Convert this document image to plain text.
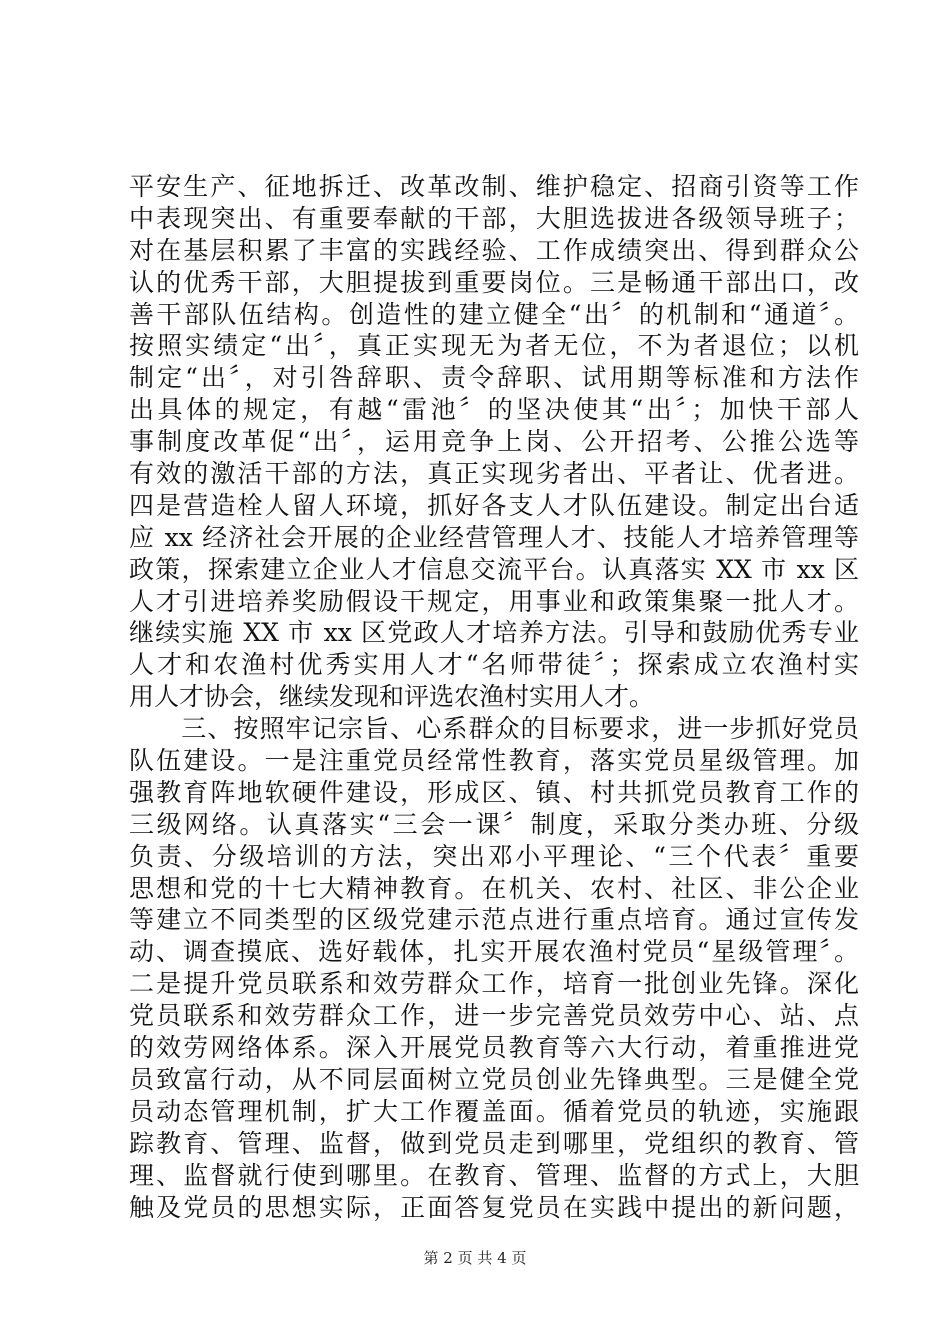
平安生产、征地拆迁、改革改制、维护稳定、招商引资等工作
中表现突出、有重要奉献的干部，大胆选拔进各级领导班子；
对在基层积累了丰富的实践经验、工作成绩突出、得到群众公
认的优秀干部，大胆提拔到重要岗位。三是畅通干部出口，改
善干部队伍结构。创造性的建立健全“出〞的机制和“通道〞。
按照实绩定“出〞，真正实现无为者无位，不为者退位；以机
制定“出〞，对引咎辞职、责令辞职、试用期等标准和方法作
出具体的规定，有越“雷池〞的坚决使其“出〞；加快干部人
事制度改革促“出〞，运用竞争上岗、公开招考、公推公选等
有效的激活干部的方法，真正实现劣者出、平者让、优者进。
四是营造栓人留人环境，抓好各支人才队伍建设。制定出台适
应 xx 经济社会开展的企业经营管理人才、技能人才培养管理等
政策，探索建立企业人才信息交流平台。认真落实 XX 市 xx 区
人才引进培养奖励假设干规定，用事业和政策集聚一批人才。
继续实施 XX 市 xx 区党政人才培养方法。引导和鼓励优秀专业
人才和农渔村优秀实用人才“名师带徒〞；探索成立农渔村实
用人才协会，继续发现和评选农渔村实用人才。
　　三、按照牢记宗旨、心系群众的目标要求，进一步抓好党员
队伍建设。一是注重党员经常性教育，落实党员星级管理。加
强教育阵地软硬件建设，形成区、镇、村共抓党员教育工作的
三级网络。认真落实“三会一课〞制度，采取分类办班、分级
负责、分级培训的方法，突出邓小平理论、“三个代表〞重要
思想和党的十七大精神教育。在机关、农村、社区、非公企业
等建立不同类型的区级党建示范点进行重点培育。通过宣传发
动、调查摸底、选好载体，扎实开展农渔村党员“星级管理〞。
二是提升党员联系和效劳群众工作，培育一批创业先锋。深化
党员联系和效劳群众工作，进一步完善党员效劳中心、站、点
的效劳网络体系。深入开展党员教育等六大行动，着重推进党
员致富行动，从不同层面树立党员创业先锋典型。三是健全党
员动态管理机制，扩大工作覆盖面。循着党员的轨迹，实施跟
踪教育、管理、监督，做到党员走到哪里，党组织的教育、管
理、监督就行使到哪里。在教育、管理、监督的方式上，大胆
触及党员的思想实际，正面答复党员在实践中提出的新问题，
第 2 页 共 4 页
